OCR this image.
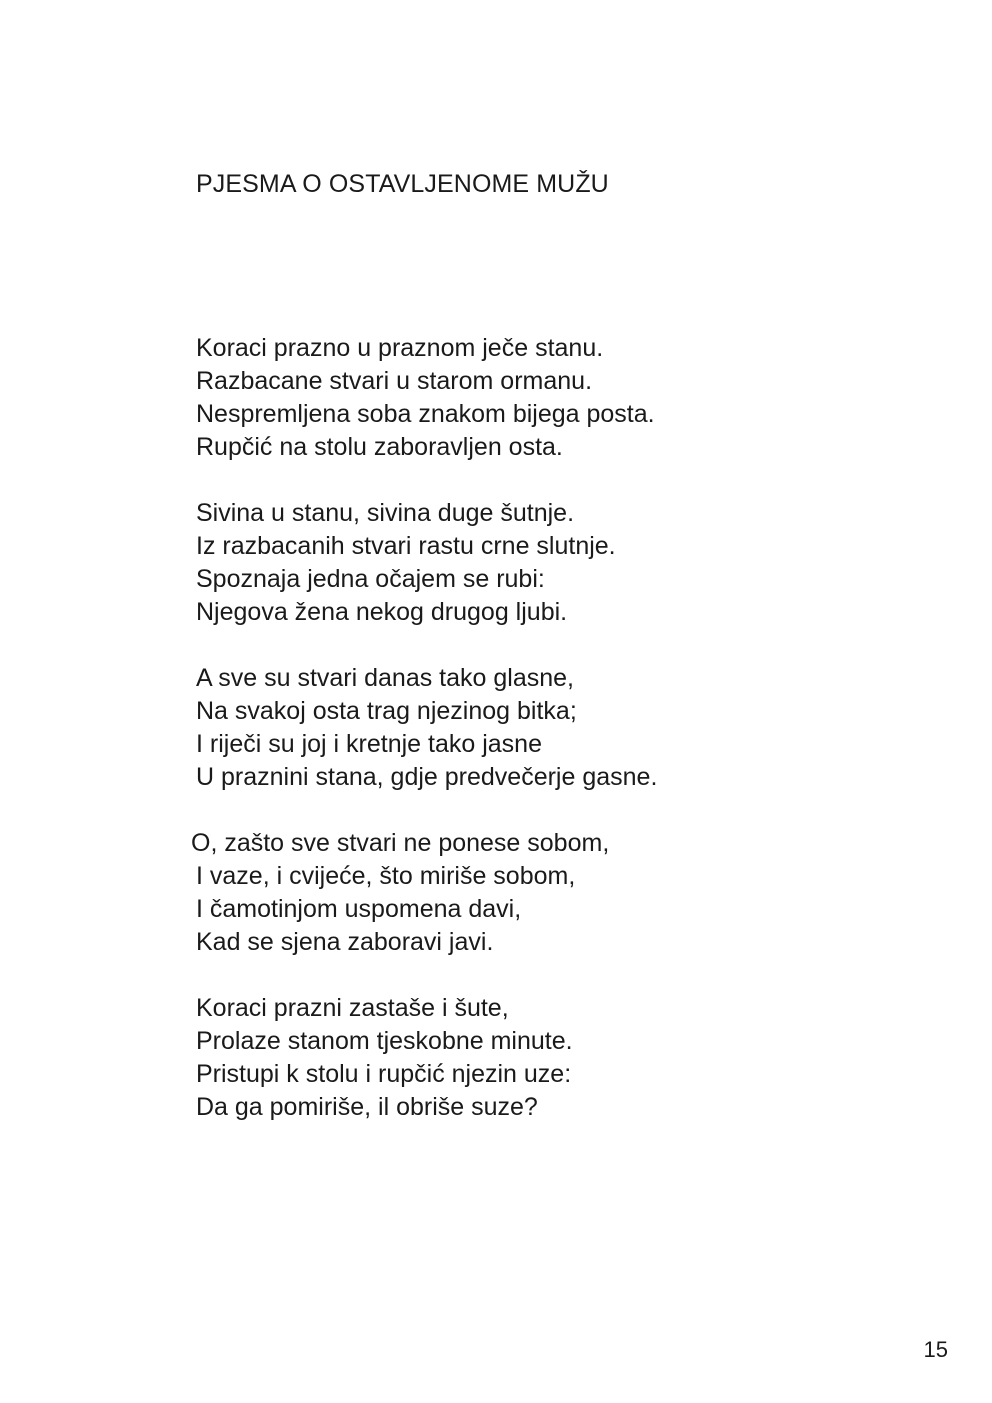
PJESMA O OSTAVLJENOME MUŽU
Koraci prazno u praznom ječe stanu.
Razbacane stvari u starom ormanu.
Nespremljena soba znakom bijega posta.
Rupčić na stolu zaboravljen osta.
Sivina u stanu, sivina duge šutnje.
Iz razbacanih stvari rastu crne slutnje.
Spoznaja jedna očajem se rubi:
Njegova žena nekog drugog ljubi.
A sve su stvari danas tako glasne,
Na svakoj osta trag njezinog bitka;
I riječi su joj i kretnje tako jasne
U praznini stana, gdje predvečerje gasne.
O, zašto sve stvari ne ponese sobom,
I vaze, i cvijeće, što miriše sobom,
I čamotinjom uspomena davi,
Kad se sjena zaboravi javi.
Koraci prazni zastaše i šute,
Prolaze stanom tjeskobne minute.
Pristupi k stolu i rupčić njezin uze:
Da ga pomiriše, il obriše suze?
15
